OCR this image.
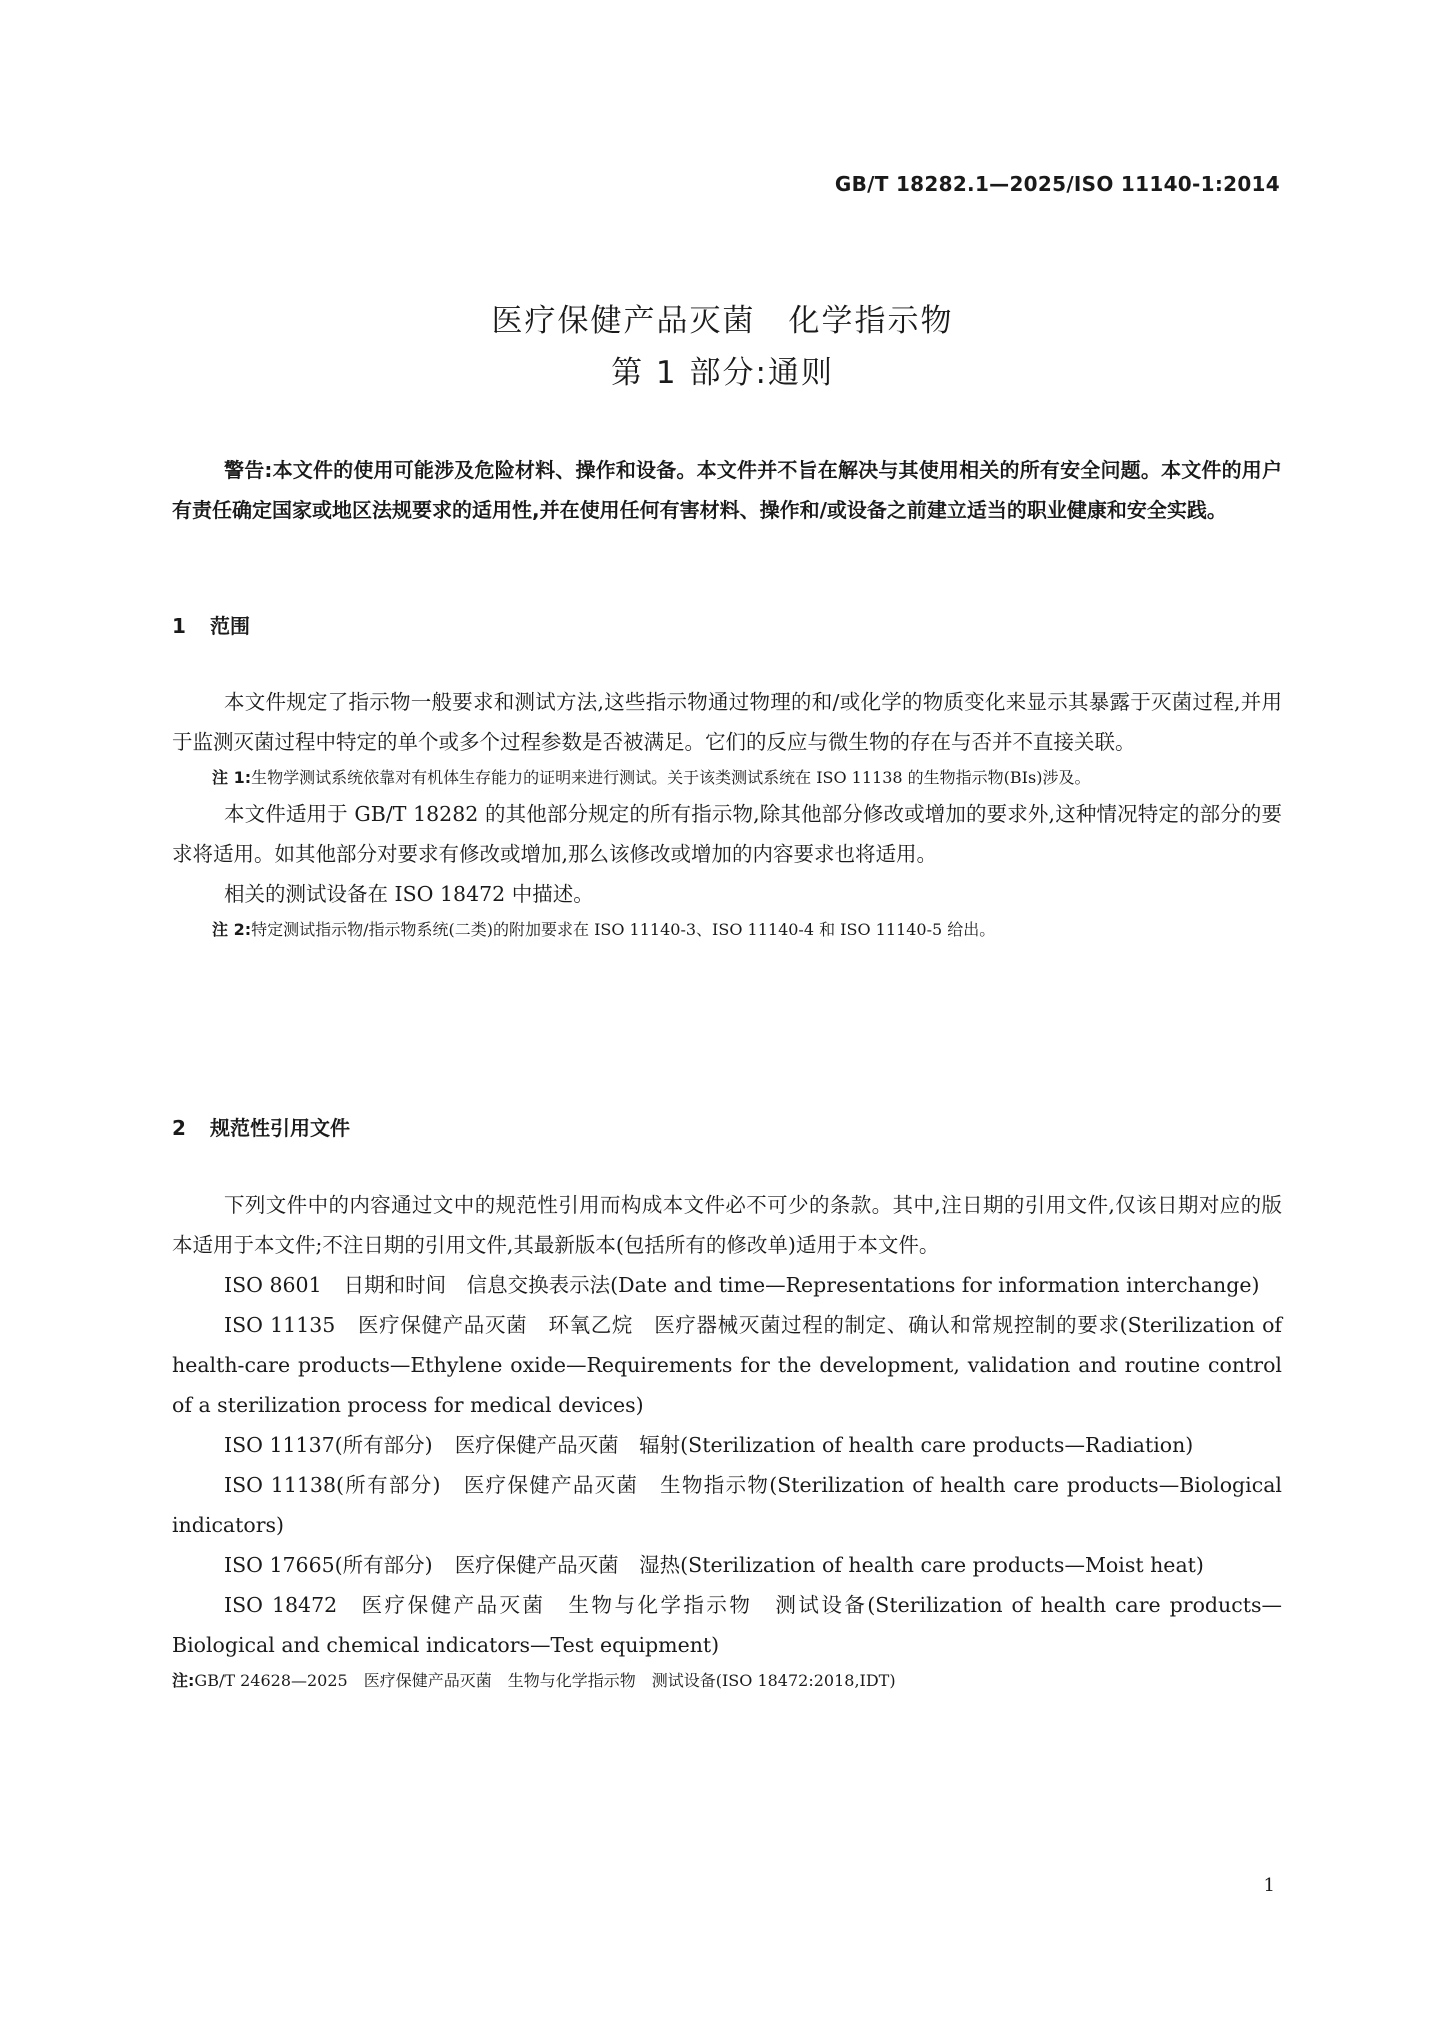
GB/T 18282.1—2025/ISO 11140-1:2014
医疗保健产品灭菌　化学指示物
第 1 部分:通则
警告:本文件的使用可能涉及危险材料、操作和设备。本文件并不旨在解决与其使用相关的所有安全问题。本文件的用户有责任确定国家或地区法规要求的适用性,并在使用任何有害材料、操作和/或设备之前建立适当的职业健康和安全实践。
1 范围

本文件规定了指示物一般要求和测试方法,这些指示物通过物理的和/或化学的物质变化来显示其暴露于灭菌过程,并用于监测灭菌过程中特定的单个或多个过程参数是否被满足。它们的反应与微生物的存在与否并不直接关联。

注 1:生物学测试系统依靠对有机体生存能力的证明来进行测试。关于该类测试系统在 ISO 11138 的生物指示物(BIs)涉及。

本文件适用于 GB/T 18282 的其他部分规定的所有指示物,除其他部分修改或增加的要求外,这种情况特定的部分的要求将适用。如其他部分对要求有修改或增加,那么该修改或增加的内容要求也将适用。

相关的测试设备在 ISO 18472 中描述。

注 2:特定测试指示物/指示物系统(二类)的附加要求在 ISO 11140-3、ISO 11140-4 和 ISO 11140-5 给出。

2 规范性引用文件

下列文件中的内容通过文中的规范性引用而构成本文件必不可少的条款。其中,注日期的引用文件,仅该日期对应的版本适用于本文件;不注日期的引用文件,其最新版本(包括所有的修改单)适用于本文件。

ISO 8601 日期和时间　信息交换表示法(Date and time—Representations for information interchange)

ISO 11135 医疗保健产品灭菌　环氧乙烷　医疗器械灭菌过程的制定、确认和常规控制的要求(Sterilization of health-care products—Ethylene oxide—Requirements for the development, validation and routine control of a sterilization process for medical devices)

ISO 11137(所有部分) 医疗保健产品灭菌　辐射(Sterilization of health care products—Radiation)

ISO 11138(所有部分) 医疗保健产品灭菌　生物指示物(Sterilization of health care products—Biological indicators)

ISO 17665(所有部分) 医疗保健产品灭菌　湿热(Sterilization of health care products—Moist heat)

ISO 18472 医疗保健产品灭菌　生物与化学指示物　测试设备(Sterilization of health care products—Biological and chemical indicators—Test equipment)

注:GB/T 24628—2025　医疗保健产品灭菌　生物与化学指示物　测试设备(ISO 18472:2018,IDT)

1
